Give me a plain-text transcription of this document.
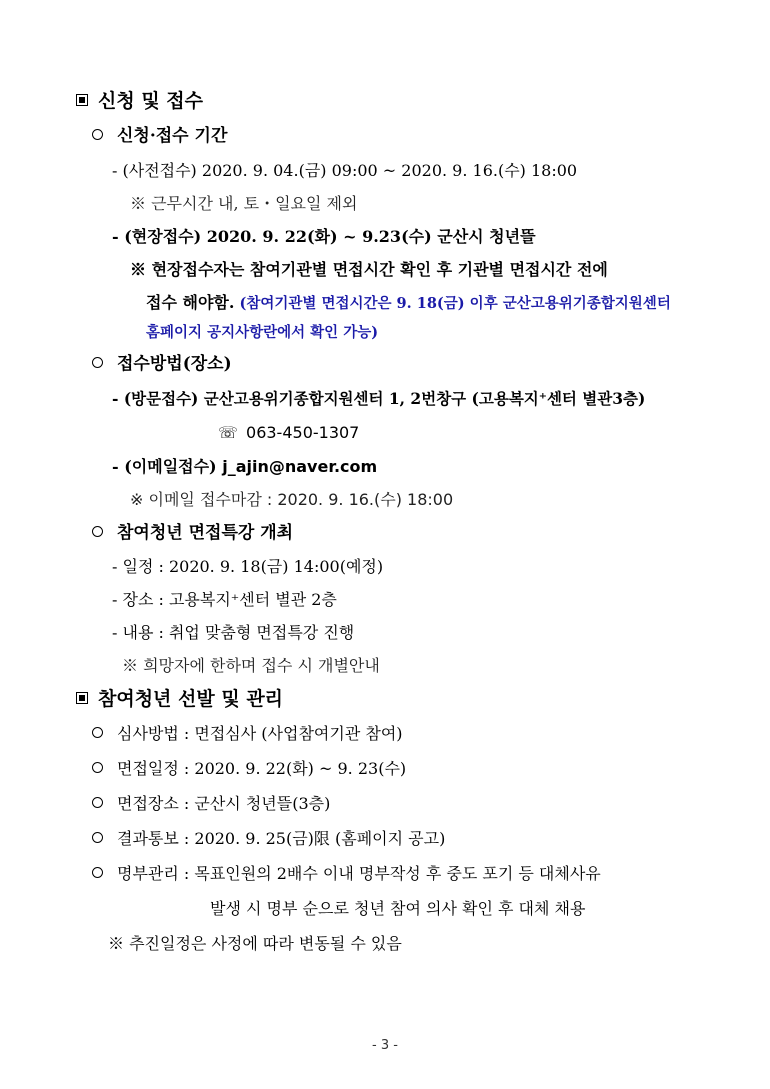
신청 및 접수
신청·접수 기간
- (사전접수) 2020. 9. 04.(금) 09:00 ~ 2020. 9. 16.(수) 18:00
※ 근무시간 내, 토・일요일 제외
- (현장접수) 2020. 9. 22(화) ~ 9.23(수) 군산시 청년뜰
※ 현장접수자는 참여기관별 면접시간 확인 후 기관별 면접시간 전에
접수 해야함. (참여기관별 면접시간은 9. 18(금) 이후 군산고용위기종합지원센터
홈페이지 공지사항란에서 확인 가능)
접수방법(장소)
- (방문접수) 군산고용위기종합지원센터 1, 2번창구 (고용복지⁺센터 별관3층)
☏ 063-450-1307
- (이메일접수) j_ajin@naver.com
※ 이메일 접수마감 : 2020. 9. 16.(수) 18:00
참여청년 면접특강 개최
- 일정 : 2020. 9. 18(금) 14:00(예정)
- 장소 : 고용복지⁺센터 별관 2층
- 내용 : 취업 맞춤형 면접특강 진행
※ 희망자에 한하며 접수 시 개별안내
참여청년 선발 및 관리
심사방법 : 면접심사 (사업참여기관 참여)
면접일정 : 2020. 9. 22(화) ~ 9. 23(수)
면접장소 : 군산시 청년뜰(3층)
결과통보 : 2020. 9. 25(금)限 (홈페이지 공고)
명부관리 : 목표인원의 2배수 이내 명부작성 후 중도 포기 등 대체사유
발생 시 명부 순으로 청년 참여 의사 확인 후 대체 채용
※ 추진일정은 사정에 따라 변동될 수 있음
- 3 -
